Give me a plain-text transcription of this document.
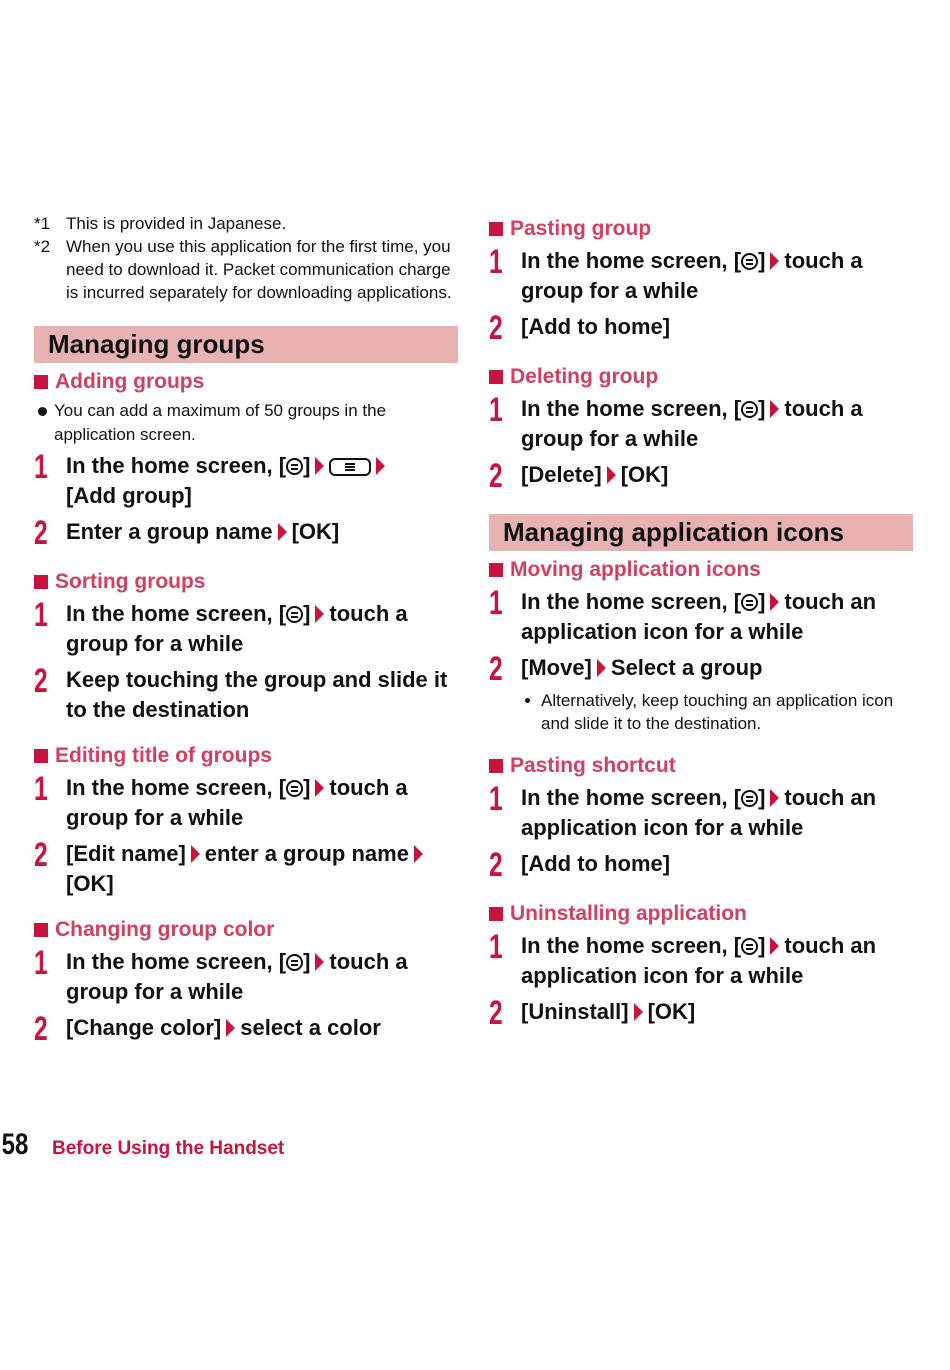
*1 This is provided in Japanese.
*2 When you use this application for the first time, you need to download it. Packet communication charge is incurred separately for downloading applications.
Managing groups
Adding groups
You can add a maximum of 50 groups in the application screen.
1 In the home screen, [ ]
[Add group]
2 Enter a group name [OK]
Sorting groups
1 In the home screen, [ ] touch a group for a while
2 Keep touching the group and slide it to the destination
Editing title of groups
1 In the home screen, [ ] touch a group for a while
2 [Edit name] enter a group name
[OK]
Changing group color
1 In the home screen, [ ] touch a group for a while
2 [Change color] select a color
Pasting group
1 In the home screen, [ ] touch a group for a while
2 [Add to home]
Deleting group
1 In the home screen, [ ] touch a group for a while
2 [Delete] [OK]
Managing application icons
Moving application icons
1 In the home screen, [ ] touch an application icon for a while
2 [Move] Select a group
Alternatively, keep touching an application icon and slide it to the destination.
Pasting shortcut
1 In the home screen, [ ] touch an application icon for a while
2 [Add to home]
Uninstalling application
1 In the home screen, [ ] touch an application icon for a while
2 [Uninstall] [OK]
58	Before Using the Handset
